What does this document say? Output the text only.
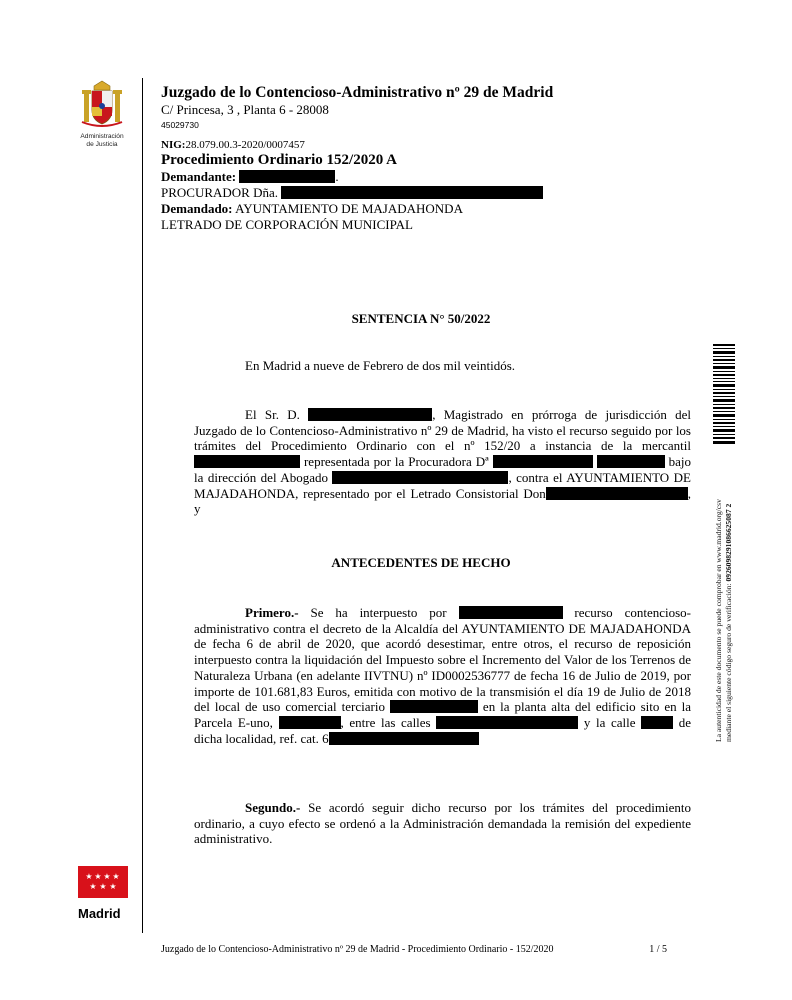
Administración
de Justicia
Juzgado de lo Contencioso-Administrativo nº 29 de Madrid
C/ Princesa, 3 , Planta 6 - 28008
45029730
NIG:28.079.00.3-2020/0007457
Procedimiento Ordinario 152/2020 A
Demandante:	.
PROCURADOR Dña.
Demandado: AYUNTAMIENTO DE MAJADAHONDA
LETRADO DE CORPORACIÓN MUNICIPAL
SENTENCIA N° 50/2022

En Madrid a nueve de Febrero de dos mil veintidós.

El Sr. D.	, Magistrado en prórroga de jurisdicción del Juzgado de lo Contencioso-Administrativo nº 29 de Madrid, ha visto el recurso seguido por los trámites del Procedimiento Ordinario con el nº 152/20 a instancia de la mercantil  representada por la Procuradora Dª	bajo la dirección del Abogado	, contra el AYUNTAMIENTO DE MAJADAHONDA, representado por el Letrado Consistorial Don	, y

ANTECEDENTES DE HECHO

Primero.- Se ha interpuesto por	recurso contencioso-administrativo contra el decreto de la Alcaldía del AYUNTAMIENTO DE MAJADAHONDA de fecha 6 de abril de 2020, que acordó desestimar, entre otros, el recurso de reposición interpuesto contra la liquidación del Impuesto sobre el Incremento del Valor de los Terrenos de Naturaleza Urbana (en adelante IIVTNU) nº ID0002536777 de fecha 16 de Julio de 2019, por importe de 101.681,83 Euros, emitida con motivo de la transmisión el día 19 de Julio de 2018 del local de uso comercial terciario	en la planta alta del edificio sito en la Parcela E-uno,	, entre las calles	y la calle	de dicha localidad, ref. cat. 6

Segundo.- Se acordó seguir dicho recurso por los trámites del procedimiento ordinario, a cuyo efecto se ordenó a la Administración demandada la remisión del expediente administrativo.

La autenticidad de este documento se puede comprobar en www.madrid.org/csv mediante el siguiente código seguro de verificación: 0926098291086625087 2
★ ★ ★ ★
★ ★ ★
Madrid
Juzgado de lo Contencioso-Administrativo nº 29 de Madrid - Procedimiento Ordinario - 152/2020	1 / 5
